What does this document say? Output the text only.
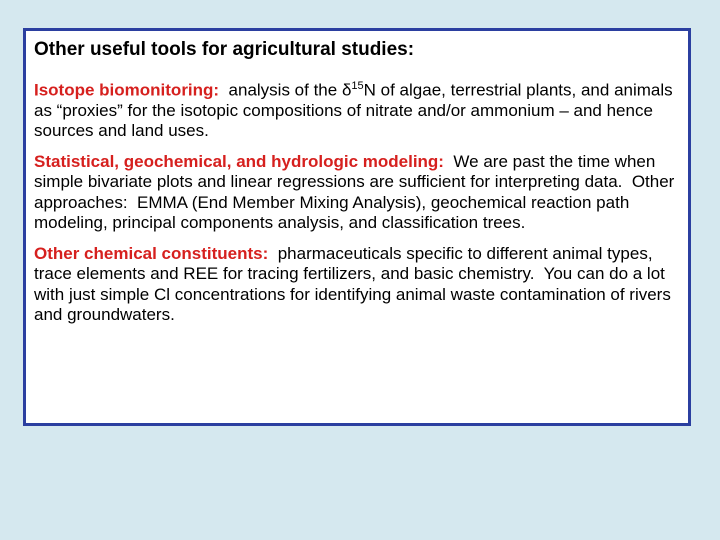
Other useful tools for agricultural studies:

Isotope biomonitoring:  analysis of the $\delta^{15}N$ of algae, terrestrial plants, and animals as “proxies” for the isotopic compositions of nitrate and/or ammonium – and hence sources and land uses.

Statistical, geochemical, and hydrologic modeling:  We are past the time when simple bivariate plots and linear regressions are sufficient for interpreting data.  Other approaches:  EMMA (End Member Mixing Analysis), geochemical reaction path modeling, principal components analysis, and classification trees.

Other chemical constituents:  pharmaceuticals specific to different animal types, trace elements and REE for tracing fertilizers, and basic chemistry.  You can do a lot with just simple Cl concentrations for identifying animal waste contamination of rivers and groundwaters.
